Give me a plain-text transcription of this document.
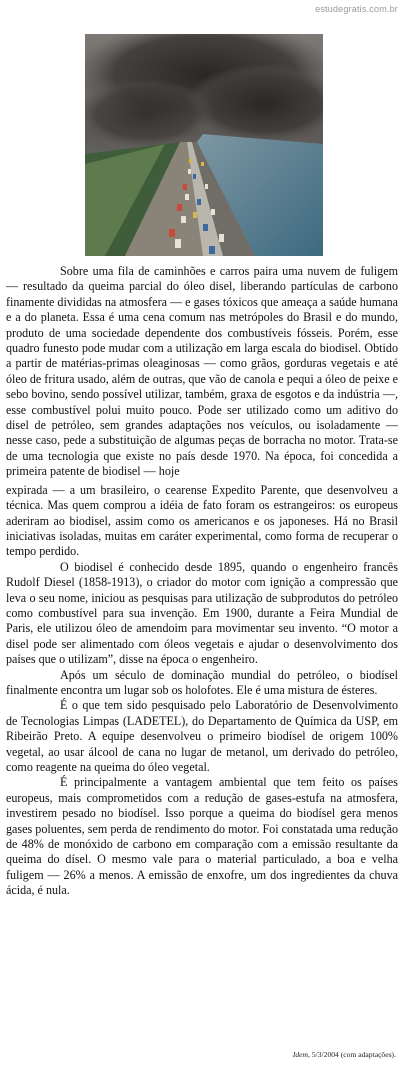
estudegratis.com.br

Sobre uma fila de caminhões e carros paira uma nuvem de fuligem — resultado da queima parcial do óleo disel, liberando partículas de carbono finamente divididas na atmosfera — e gases tóxicos que ameaça a saúde humana e a do planeta. Essa é uma cena comum nas metrópoles do Brasil e do mundo, produto de uma sociedade dependente dos combustíveis fósseis. Porém, esse quadro funesto pode mudar com a utilização em larga escala do biodisel. Obtido a partir de matérias-primas oleaginosas — como grãos, gorduras vegetais e até óleo de fritura usado, além de outras, que vão de canola e pequi a óleo de peixe e sebo bovino, sendo possível utilizar, também, graxa de esgotos e da indústria —, esse combustível polui muito pouco. Pode ser utilizado como um aditivo do disel de petróleo, sem grandes adaptações nos veículos, ou isoladamente — nesse caso, pede a substituição de algumas peças de borracha no motor. Trata-se de uma tecnologia que existe no país desde 1970. Na época, foi concedida a primeira patente de biodisel — hoje

expirada — a um brasileiro, o cearense Expedito Parente, que desenvolveu a técnica. Mas quem comprou a idéia de fato foram os estrangeiros: os europeus aderiram ao biodisel, assim como os americanos e os japoneses. Há no Brasil iniciativas isoladas, muitas em caráter experimental, como forma de recuperar o tempo perdido.

O biodisel é conhecido desde 1895, quando o engenheiro francês Rudolf Diesel (1858-1913), o criador do motor com ignição a compressão que leva o seu nome, iniciou as pesquisas para utilização de subprodutos do petróleo como combustível para sua invenção. Em 1900, durante a Feira Mundial de Paris, ele utilizou óleo de amendoim para movimentar seu invento. “O motor a disel pode ser alimentado com óleos vegetais e ajudar o desenvolvimento dos países que o utilizam”, disse na época o engenheiro.

Após um século de dominação mundial do petróleo, o biodísel finalmente encontra um lugar sob os holofotes. Ele é uma mistura de ésteres.

É o que tem sido pesquisado pelo Laboratório de Desenvolvimento de Tecnologias Limpas (LADETEL), do Departamento de Química da USP, em Ribeirão Preto. A equipe desenvolveu o primeiro biodísel de origem 100% vegetal, ao usar álcool de cana no lugar de metanol, um derivado do petróleo, como reagente na queima do óleo vegetal.

É principalmente a vantagem ambiental que tem feito os países europeus, mais comprometidos com a redução de gases-estufa na atmosfera, investirem pesado no biodísel. Isso porque a queima do biodísel gera menos gases poluentes, sem perda de rendimento do motor. Foi constatada uma redução de 48% de monóxido de carbono em comparação com a emissão resultante da queima do dísel. O mesmo vale para o material particulado, a boa e velha fuligem — 26% a menos. A emissão de enxofre, um dos ingredientes da chuva ácida, é nula.

Idem, 5/3/2004 (com adaptações).
